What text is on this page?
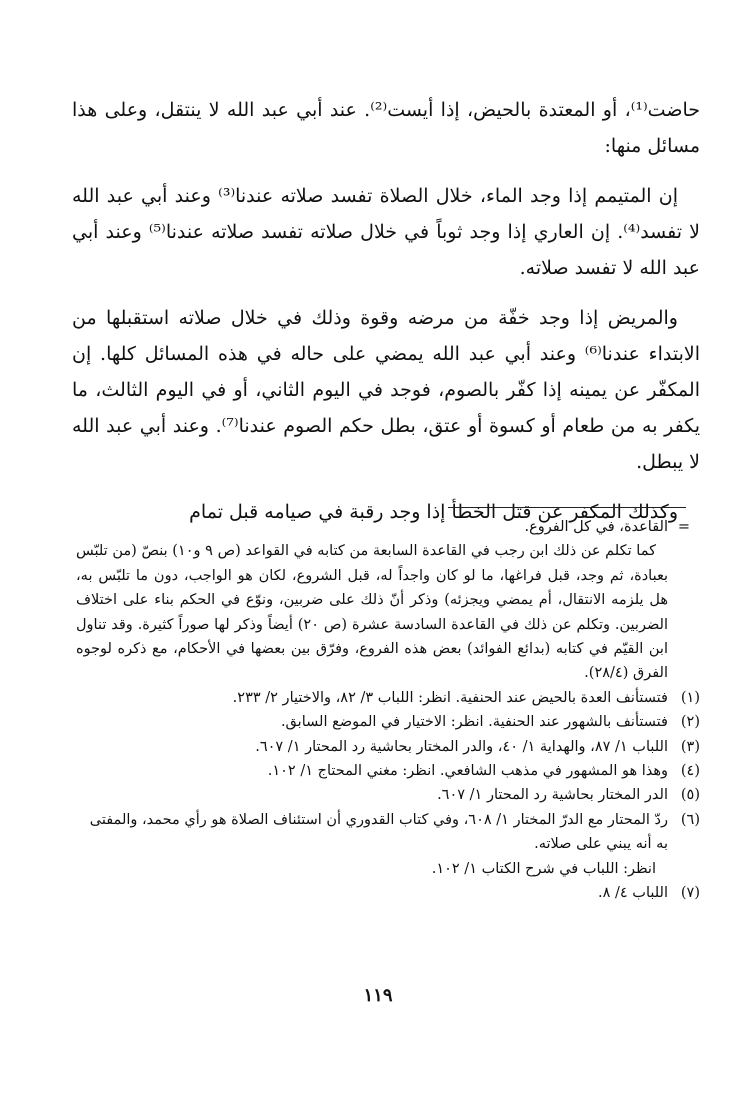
حاضت⁽¹⁾، أو المعتدة بالحيض، إذا أيست⁽²⁾. عند أبي عبد الله لا ينتقل، وعلى هذا مسائل منها:

إن المتيمم إذا وجد الماء، خلال الصلاة تفسد صلاته عندنا⁽³⁾ وعند أبي عبد الله لا تفسد⁽⁴⁾. إن العاري إذا وجد ثوباً في خلال صلاته تفسد صلاته عندنا⁽⁵⁾ وعند أبي عبد الله لا تفسد صلاته.

والمريض إذا وجد خفّة من مرضه وقوة وذلك في خلال صلاته استقبلها من الابتداء عندنا⁽⁶⁾ وعند أبي عبد الله يمضي على حاله في هذه المسائل كلها. إن المكفّر عن يمينه إذا كفّر بالصوم، فوجد في اليوم الثاني، أو في اليوم الثالث، ما يكفر به من طعام أو كسوة أو عتق، بطل حكم الصوم عندنا⁽⁷⁾. وعند أبي عبد الله لا يبطل.

وكذلك المكفر عن قتل الخطأ إذا وجد رقبة في صيامه قبل تمام

=
القاعدة، في كل الفروع.
كما تكلم عن ذلك ابن رجب في القاعدة السابعة من كتابه في القواعد (ص ٩ و١٠) بنصّ (من تلبّس بعبادة، ثم وجد، قبل فراغها، ما لو كان واجداً له، قبل الشروع، لكان هو الواجب، دون ما تلبّس به، هل يلزمه الانتقال، أم يمضي ويجزئه) وذكر أنّ ذلك على ضربين، ونوّع في الحكم بناء على اختلاف الضربين. وتكلم عن ذلك في القاعدة السادسة عشرة (ص ٢٠) أيضاً وذكر لها صوراً كثيرة. وقد تناول ابن القيّم في كتابه (بدائع الفوائد) بعض هذه الفروع، وفرّق بين بعضها في الأحكام، مع ذكره لوجوه الفرق (٢٨/٤).
(١)
فتستأنف العدة بالحيض عند الحنفية. انظر: اللباب ٣/ ٨٢، والاختيار ٢/ ٢٣٣.
(٢)
فتستأنف بالشهور عند الحنفية. انظر: الاختيار في الموضع السابق.
(٣)
اللباب ١/ ٨٧، والهداية ١/ ٤٠، والدر المختار بحاشية رد المحتار ١/ ٦٠٧.
(٤)
وهذا هو المشهور في مذهب الشافعي. انظر: مغني المحتاج ١/ ١٠٢.
(٥)
الدر المختار بحاشية رد المحتار ١/ ٦٠٧.
(٦)
ردّ المحتار مع الدرّ المختار ١/ ٦٠٨، وفي كتاب القدوري أن استئناف الصلاة هو رأي محمد، والمفتى به أنه يبني على صلاته.
انظر: اللباب في شرح الكتاب ١/ ١٠٢.
(٧)
اللباب ٤/ ٨.
١١٩
